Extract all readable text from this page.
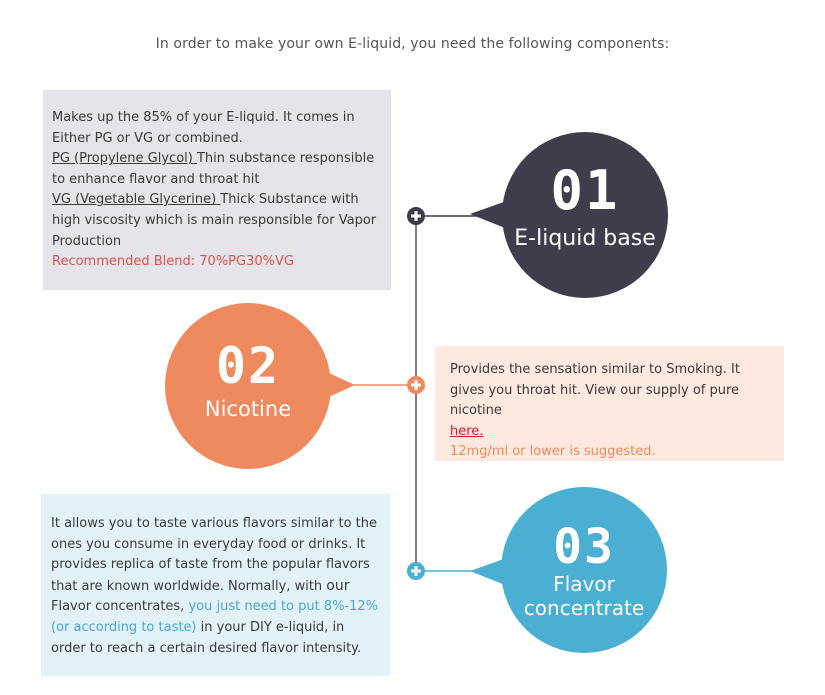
In order to make your own E-liquid, you need the following components:
01
E-liquid base
02
Nicotine
03
Flavor
concentrate
Makes up the 85% of your E-liquid. It comes in Either PG or VG or combined.
PG (Propylene Glycol) Thin substance responsible to enhance flavor and throat hit
VG (Vegetable Glycerine) Thick Substance with high viscosity which is main responsible for Vapor Production
Recommended Blend: 70%PG30%VG
Provides the sensation similar to Smoking. It gives you throat hit. View our supply of pure nicotine
here.
12mg/ml or lower is suggested.
It allows you to taste various flavors similar to the ones you consume in everyday food or drinks. It provides replica of taste from the popular flavors that are known worldwide. Normally, with our Flavor concentrates, you just need to put 8%-12% (or according to taste) in your DIY e-liquid, in order to reach a certain desired flavor intensity.
